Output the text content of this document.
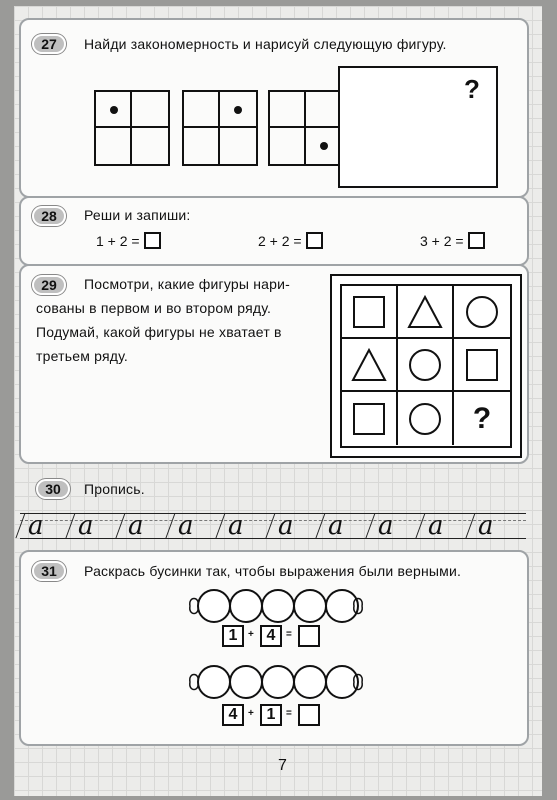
27	Найди закономерность и нарисуй следующую фигуру.
?
28	Реши и запиши:
1 + 2 =	2 + 2 =	3 + 2 =
29	Посмотри, какие фигуры нари-
сованы в первом и во втором ряду.
Подумай, какой фигуры не хватает в
третьем ряду.
?
30	Пропись.
a a a a a a a a a a
31	Раскрась бусинки так, чтобы выражения были верными.
1	+ 4	=
4	+ 1	=
7
